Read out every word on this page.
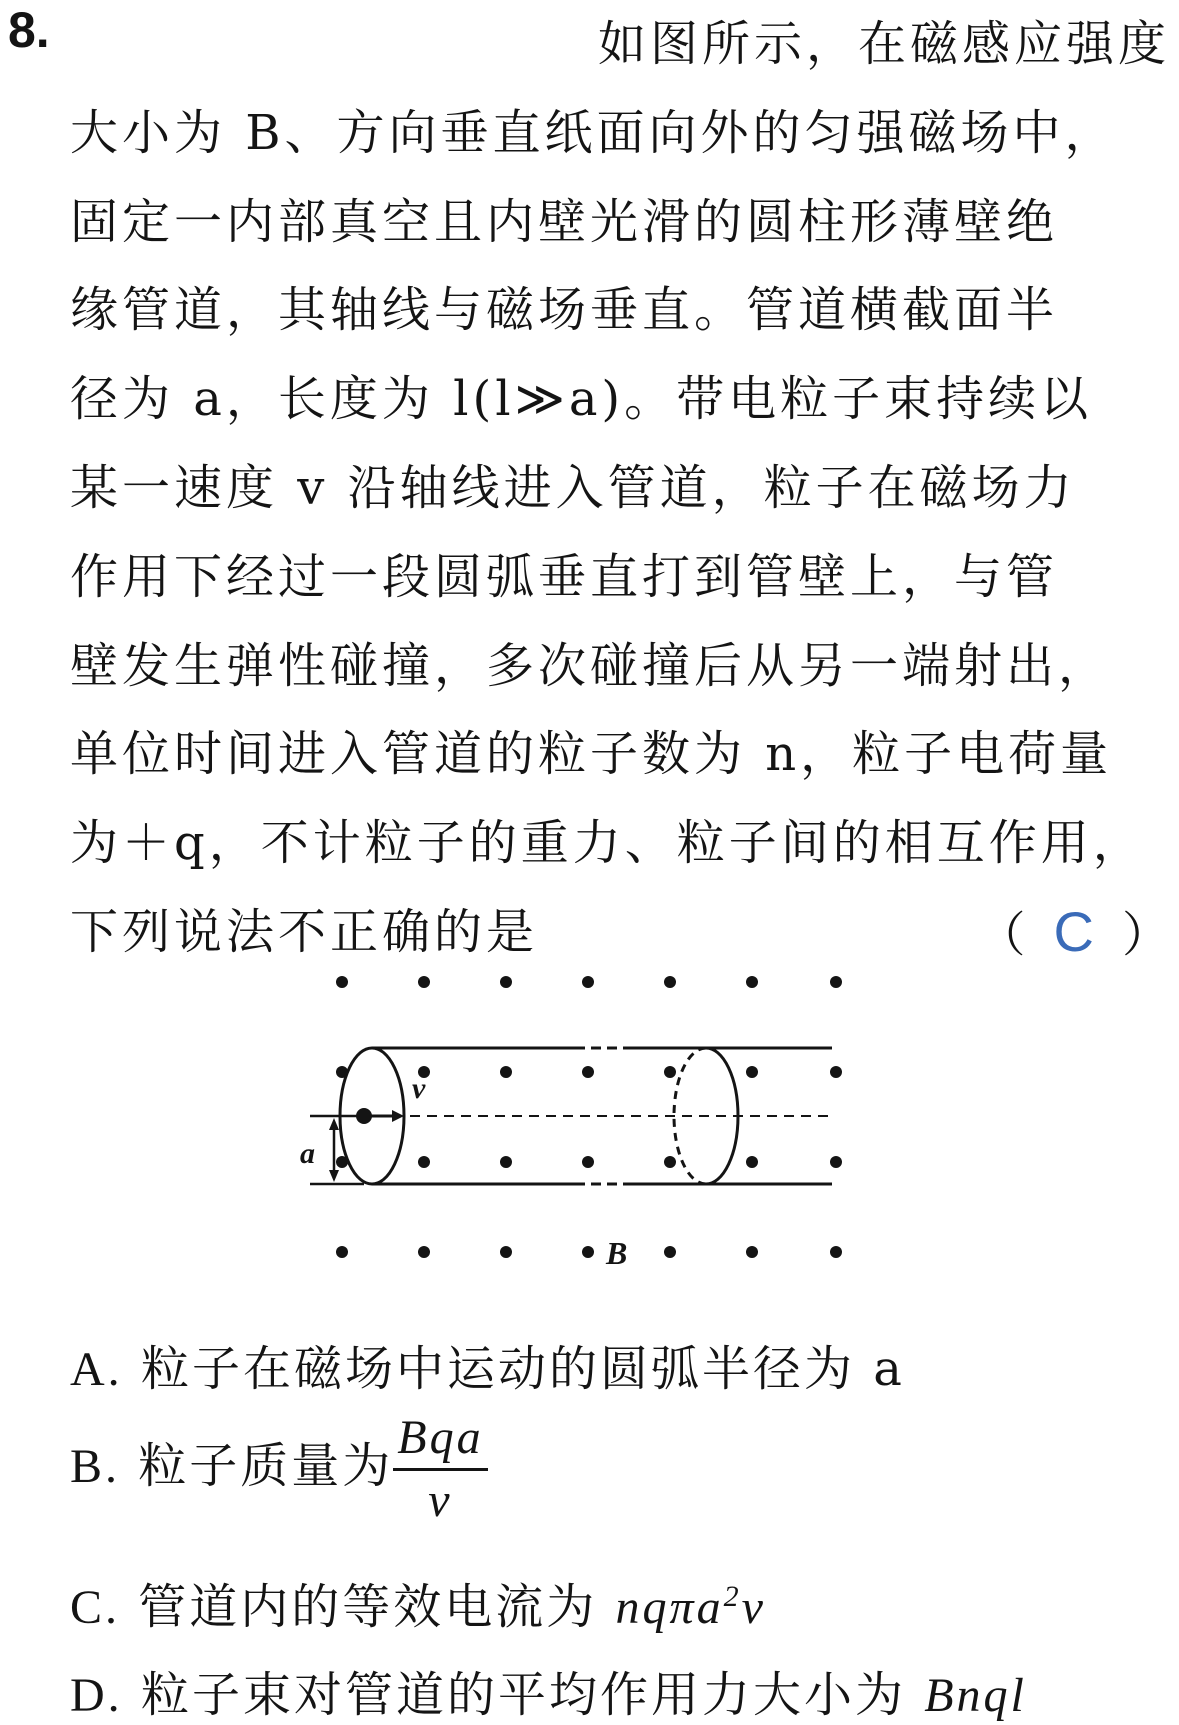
8.	如图所示，在磁感应强度
大小为 B、方向垂直纸面向外的匀强磁场中，
固定一内部真空且内壁光滑的圆柱形薄壁绝
缘管道，其轴线与磁场垂直。管道横截面半
径为 a，长度为 l(l≫a)。带电粒子束持续以
某一速度 v 沿轴线进入管道，粒子在磁场力
作用下经过一段圆弧垂直打到管壁上，与管
壁发生弹性碰撞，多次碰撞后从另一端射出，
单位时间进入管道的粒子数为 n，粒子电荷量
为＋q，不计粒子的重力、粒子间的相互作用，
下列说法不正确的是	（ C ）
v
a
B
A. 粒子在磁场中运动的圆弧半径为 a
B. 粒子质量为 $\frac{\text{Bqa}}{v}$
C. 管道内的等效电流为 nqπa$^2$v
D. 粒子束对管道的平均作用力大小为 Bnql
